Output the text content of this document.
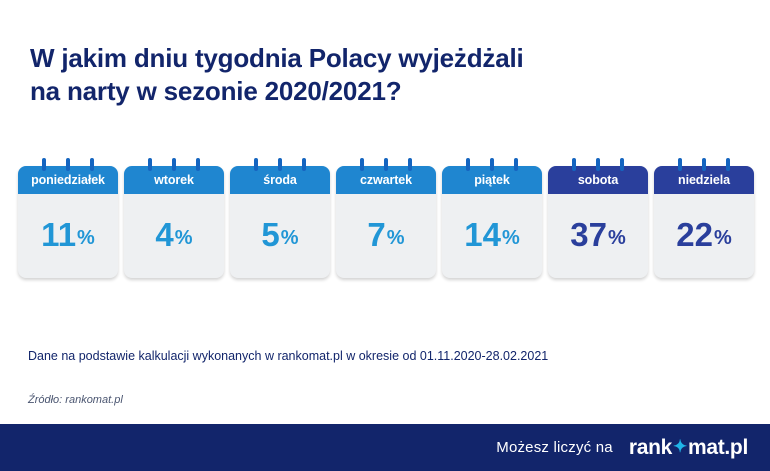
W jakim dniu tygodnia Polacy wyjeżdżali
na narty w sezonie 2020/2021?
poniedziałek
11 %
wtorek
4 %
środa
5 %
czwartek
7 %
piątek
14 %
sobota
37 %
niedziela
22 %
Dane na podstawie kalkulacji wykonanych w rankomat.pl w okresie od 01.11.2020-28.02.2021
Źródło: rankomat.pl
Możesz liczyć na rank ✦ mat.pl
